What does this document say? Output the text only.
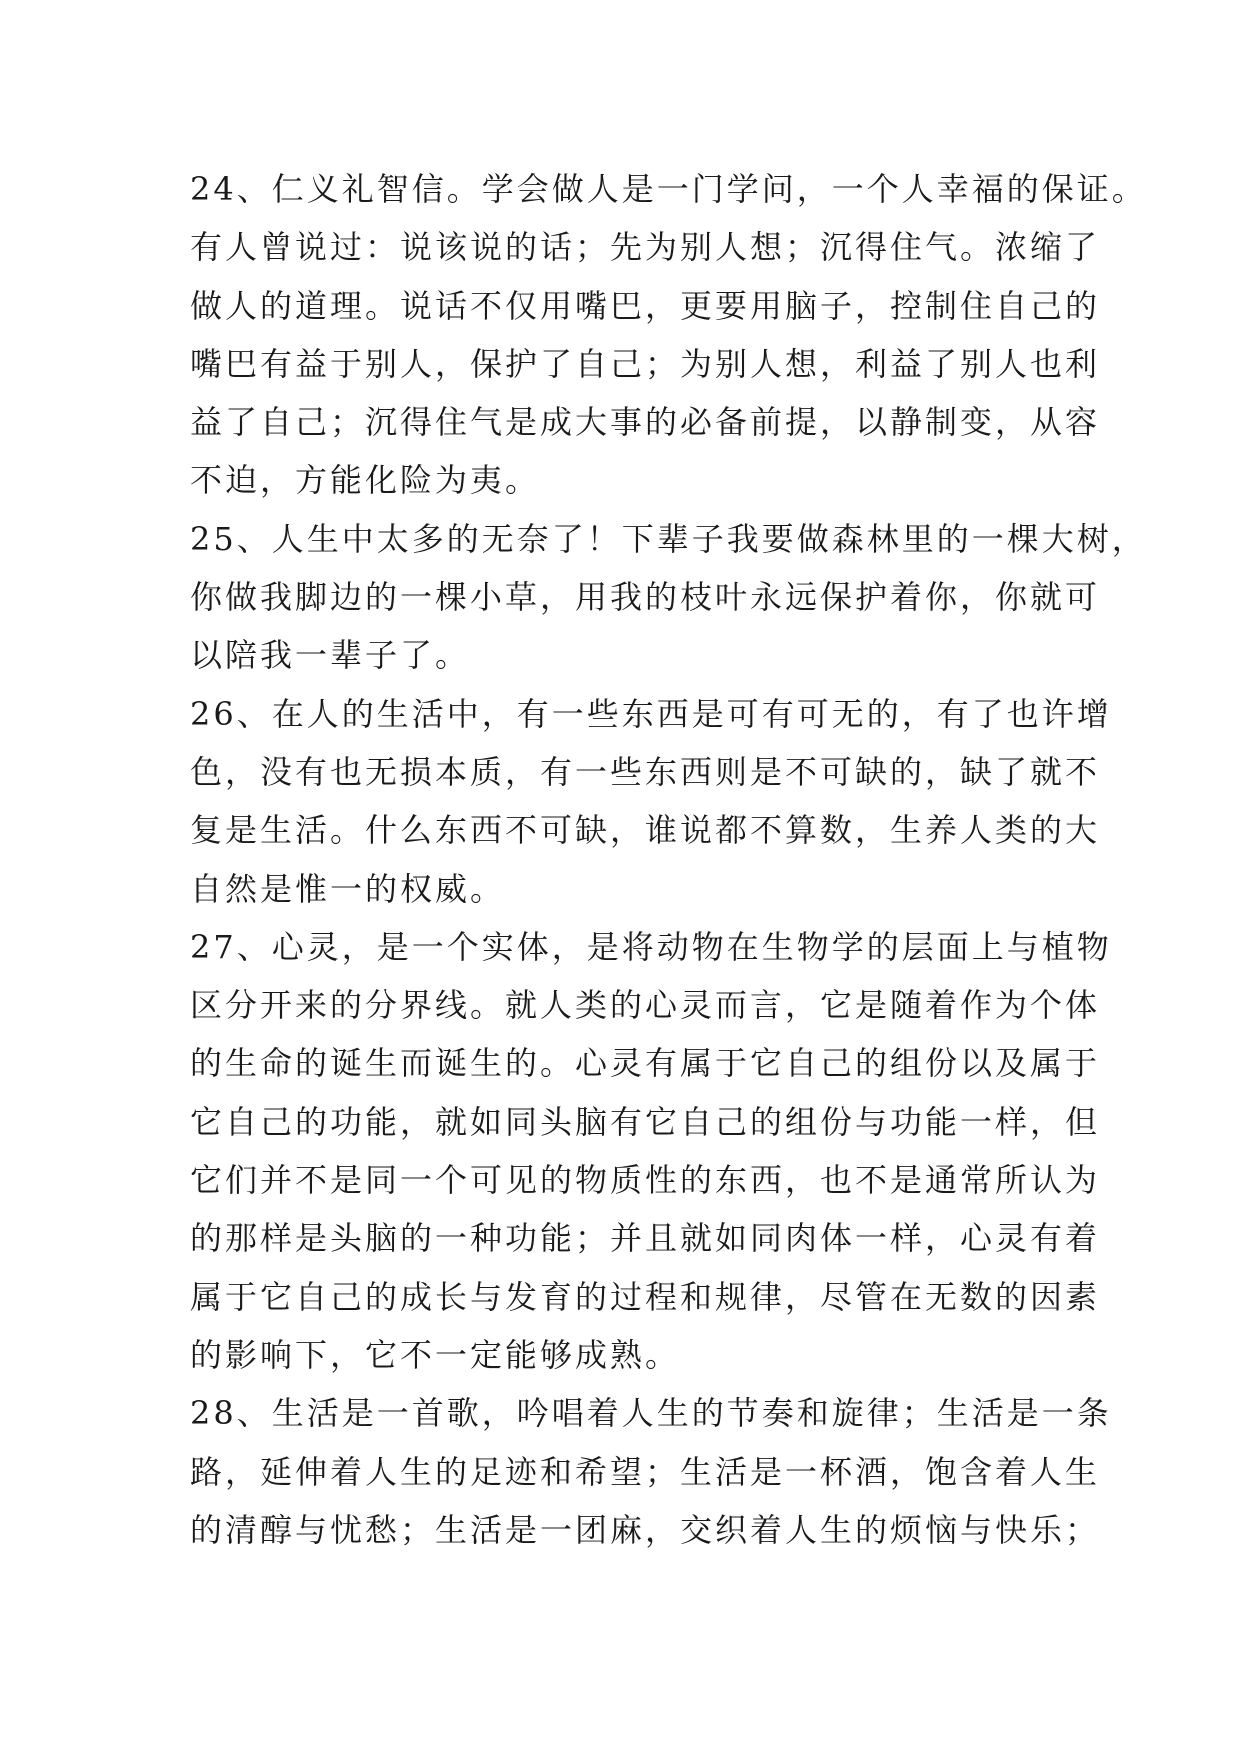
24、仁义礼智信。学会做人是一门学问，一个人幸福的保证。
有人曾说过：说该说的话；先为别人想；沉得住气。浓缩了
做人的道理。说话不仅用嘴巴，更要用脑子，控制住自己的
嘴巴有益于别人，保护了自己；为别人想，利益了别人也利
益了自己；沉得住气是成大事的必备前提，以静制变，从容
不迫，方能化险为夷。

25、人生中太多的无奈了！下辈子我要做森林里的一棵大树，
你做我脚边的一棵小草，用我的枝叶永远保护着你，你就可
以陪我一辈子了。

26、在人的生活中，有一些东西是可有可无的，有了也许增
色，没有也无损本质，有一些东西则是不可缺的，缺了就不
复是生活。什么东西不可缺，谁说都不算数，生养人类的大
自然是惟一的权威。

27、心灵，是一个实体，是将动物在生物学的层面上与植物
区分开来的分界线。就人类的心灵而言，它是随着作为个体
的生命的诞生而诞生的。心灵有属于它自己的组份以及属于
它自己的功能，就如同头脑有它自己的组份与功能一样，但
它们并不是同一个可见的物质性的东西，也不是通常所认为
的那样是头脑的一种功能；并且就如同肉体一样，心灵有着
属于它自己的成长与发育的过程和规律，尽管在无数的因素
的影响下，它不一定能够成熟。

28、生活是一首歌，吟唱着人生的节奏和旋律；生活是一条
路，延伸着人生的足迹和希望；生活是一杯酒，饱含着人生
的清醇与忧愁；生活是一团麻，交织着人生的烦恼与快乐；
